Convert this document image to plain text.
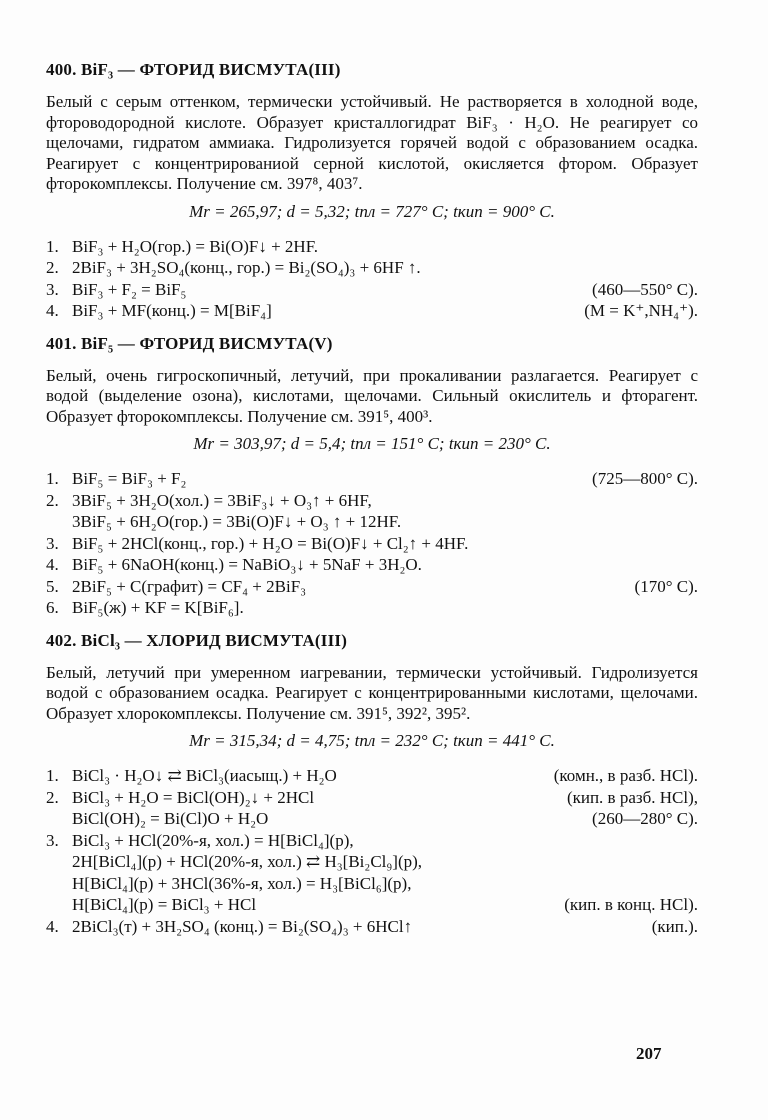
400. BiF₃ — ФТОРИД ВИСМУТА(III)
Белый с серым оттенком, термически устойчивый. Не растворяется в холодной воде, фтороводородной кислоте. Образует кристаллогидрат BiF₃ · H₂O. Не реагирует со щелочами, гидратом аммиака. Гидролизуется горячей водой с образованием осадка. Реагирует с концентрированиой серной кислотой, окисляется фтором. Образует фторокомплексы. Получение см. 397⁸, 403⁷.
Mr = 265,97; d = 5,32; tпл = 727° C; tкип = 900° C.
1. BiF₃ + H₂O(гор.) = Bi(O)F↓ + 2HF.
2. 2BiF₃ + 3H₂SO₄(конц., гор.) = Bi₂(SO₄)₃ + 6HF ↑.
3. BiF₃ + F₂ = BiF₅	(460—550° C).
4. BiF₃ + MF(конц.) = M[BiF₄]	(M = K⁺,NH₄⁺).
401. BiF₅ — ФТОРИД ВИСМУТА(V)
Белый, очень гигроскопичный, летучий, при прокаливании разлагается. Реагирует с водой (выделение озона), кислотами, щелочами. Сильный окислитель и фторагент. Образует фторокомплексы. Получение см. 391⁵, 400³.
Mr = 303,97; d = 5,4; tпл = 151° C; tкип = 230° C.
1. BiF₅ = BiF₃ + F₂	(725—800° C).
2. 3BiF₅ + 3H₂O(хол.) = 3BiF₃↓ + O₃↑ + 6HF,
3BiF₅ + 6H₂O(гор.) = 3Bi(O)F↓ + O₃ ↑ + 12HF.
3. BiF₅ + 2HCl(конц., гор.) + H₂O = Bi(O)F↓ + Cl₂↑ + 4HF.
4. BiF₅ + 6NaOH(конц.) = NaBiO₃↓ + 5NaF + 3H₂O.
5. 2BiF₅ + C(графит) = CF₄ + 2BiF₃	(170° C).
6. BiF₅(ж) + KF = K[BiF₆].
402. BiCl₃ — ХЛОРИД ВИСМУТА(III)
Белый, летучий при умеренном иагревании, термически устойчивый. Гидролизуется водой с образованием осадка. Реагирует с концентрированными кислотами, щелочами. Образует хлорокомплексы. Получение см. 391⁵, 392², 395².
Mr = 315,34; d = 4,75; tпл = 232° C; tкип = 441° C.
1. BiCl₃ · H₂O↓ ⇄ BiCl₃(иасыщ.) + H₂O	(комн., в разб. HCl).
2. BiCl₃ + H₂O = BiCl(OH)₂↓ + 2HCl	(кип. в разб. HCl),
BiCl(OH)₂ = Bi(Cl)O + H₂O	(260—280° C).
3. BiCl₃ + HCl(20%-я, хол.) = H[BiCl₄](р),
2H[BiCl₄](р) + HCl(20%-я, хол.) ⇄ H₃[Bi₂Cl₉](р),
H[BiCl₄](р) + 3HCl(36%-я, хол.) = H₃[BiCl₆](р),
H[BiCl₄](р) = BiCl₃ + HCl	(кип. в конц. HCl).
4. 2BiCl₃(т) + 3H₂SO₄ (конц.) = Bi₂(SO₄)₃ + 6HCl↑	(кип.).
207
